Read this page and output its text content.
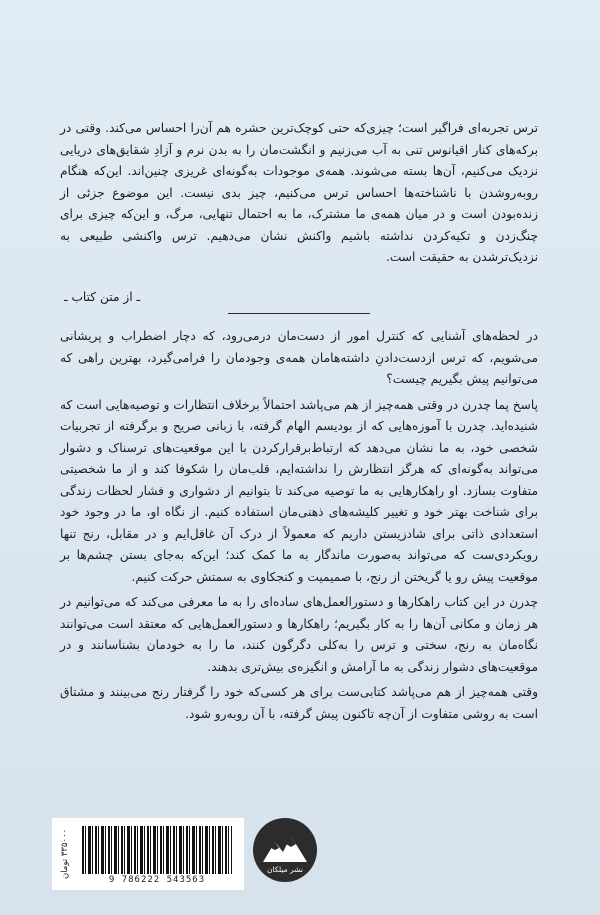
ترس تجربه‌ای فراگیر است؛ چیزی‌که حتی کوچک‌ترین حشره هم آن‌را احساس می‌کند. وقتی در برکه‌های کنار اقیانوس تنی به آب می‌زنیم و انگشت‌مان را به بدن نرم و آزادِ شقایق‌های دریایی نزدیک می‌کنیم، آن‌ها بسته می‌شوند. همه‌ی موجودات به‌گونه‌ای غریزی چنین‌اند. این‌که هنگام روبه‌روشدن با ناشناخته‌ها احساس ترس می‌کنیم، چیز بدی نیست. این موضوع جزئی از زنده‌بودن است و در میان همه‌ی ما مشترک، ما به احتمال تنهایی، مرگ، و این‌که چیزی برای چنگ‌زدن و تکیه‌کردن نداشته باشیم واکنش نشان می‌دهیم. ترس واکنشی طبیعی به نزدیک‌ترشدن به حقیقت است.
ـ از متن کتاب ـ

در لحظه‌های آشنایی که کنترل امور از دست‌مان درمی‌رود، که دچار اضطراب و پریشانی می‌شویم، که ترس ازدست‌دادنِ داشته‌هامان همه‌ی وجودمان را فرامی‌گیرد، بهترین راهی که می‌توانیم پیش بگیریم چیست؟

پاسخ پما چدرن در وقتی همه‌چیز از هم می‌پاشد احتمالاً برخلاف انتظارات و توصیه‌هایی است که شنیده‌اید. چدرن با آموزه‌هایی که از بودیسم الهام گرفته، با زبانی صریح و برگرفته از تجربیات شخصی خود، به ما نشان می‌دهد که ارتباط‌برقرارکردن با این موقعیت‌های ترسناک و دشوار می‌تواند به‌گونه‌ای که هرگز انتظارش را نداشته‌ایم، قلب‌مان را شکوفا کند و از ما شخصیتی متفاوت بسازد. او راهکارهایی به ما توصیه می‌کند تا بتوانیم از دشواری و فشار لحظات زندگی برای شناخت بهتر خود و تغییر کلیشه‌های ذهنی‌مان استفاده کنیم. از نگاه او، ما در وجود خود استعدادی ذاتی برای شادزیستن داریم که معمولاً از درک آن غافل‌ایم و در مقابل، رنج تنها رویکردی‌ست که می‌تواند به‌صورت ماندگار به ما کمک کند؛ این‌که به‌جای بستن چشم‌ها بر موقعیت پیش رو یا گریختن از رنج، با صمیمیت و کنجکاوی به سمتش حرکت کنیم.

چدرن در این کتاب راهکارها و دستورالعمل‌های ساده‌ای را به ما معرفی می‌کند که می‌توانیم در هر زمان و مکانی آن‌ها را به کار بگیریم؛ راهکارها و دستورالعمل‌هایی که معتقد است می‌توانند نگاه‌مان به رنج، سختی و ترس را به‌کلی دگرگون کنند، ما را به خودمان بشناسانند و در موقعیت‌های دشوار زندگی به ما آرامش و انگیزه‌ی بیش‌تری بدهند.

وقتی همه‌چیز از هم می‌پاشد کتابی‌ست برای هر کسی‌که خود را گرفتار رنج می‌بینند و مشتاق است به روشی متفاوت از آن‌چه تاکنون پیش گرفته، با آن روبه‌رو شود.

۳۳۵۰۰۰ تومان
9 786222 543563
نشر میلکان
